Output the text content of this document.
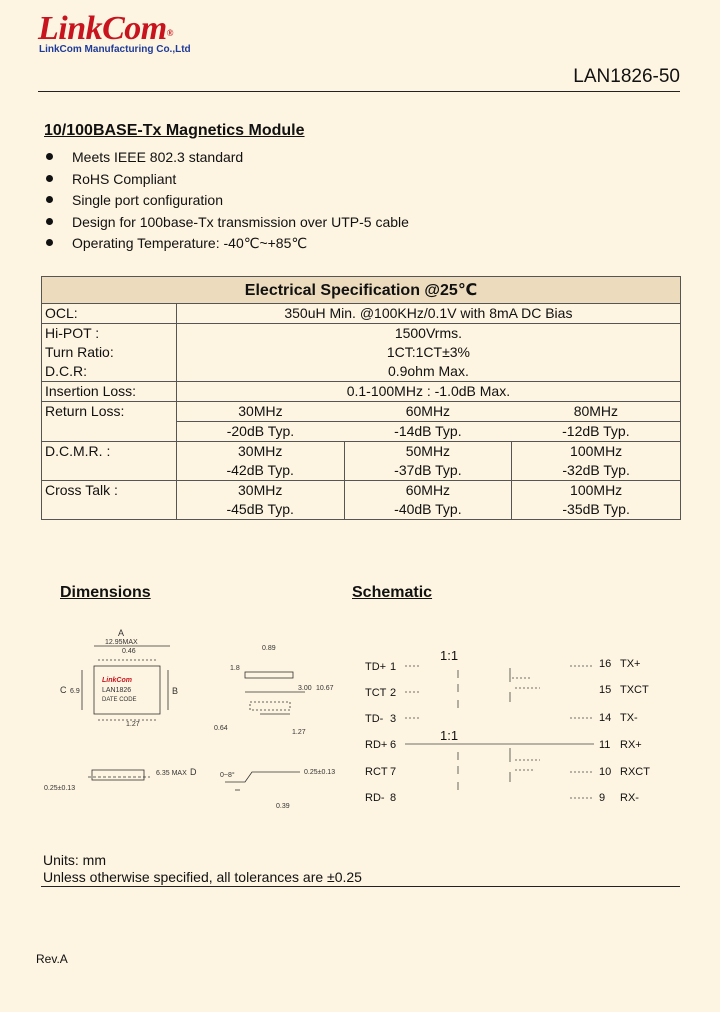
LinkCom®
LinkCom Manufacturing Co.,Ltd
LAN1826-50
10/100BASE-Tx Magnetics Module
Meets IEEE 802.3 standard
RoHS Compliant
Single port configuration
Design for 100base-Tx transmission over UTP-5 cable
Operating Temperature: -40℃~+85℃
Electrical Specification @25℃			
OCL:	350uH Min. @100KHz/0.1V with 8mA DC Bias		
Hi-POT :	1500Vrms.		
Turn Ratio:	1CT:1CT±3%		
D.C.R:	0.9ohm Max.		
Insertion Loss:	0.1-100MHz : -1.0dB Max.		
Return Loss:	30MHz	60MHz	80MHz
	-20dB Typ.	-14dB Typ.	-12dB Typ.
D.C.M.R. :	30MHz	50MHz	100MHz
	-42dB Typ.	-37dB Typ.	-32dB Typ.
Cross Talk :	30MHz	60MHz	100MHz
	-45dB Typ.	-40dB Typ.	-35dB Typ.
Dimensions	Schematic
A
12.95MAX
0.46
C 6.9	B
LinkCom
LAN1826
DATE CODE
1.27
6.35 MAX D
0.25±0.13
0.89
1.8
3.00 10.67
0.64
1.27
0~8°	0.25±0.13
0.39
1:1
1:1
TD+ 1
TCT 2
TD- 3
RD+ 6
RCT 7
RD- 8
16 TX+
15 TXCT
14 TX-
11 RX+
10 RXCT
9 RX-
Units: mm
Unless otherwise specified, all tolerances are ±0.25
Rev.A
